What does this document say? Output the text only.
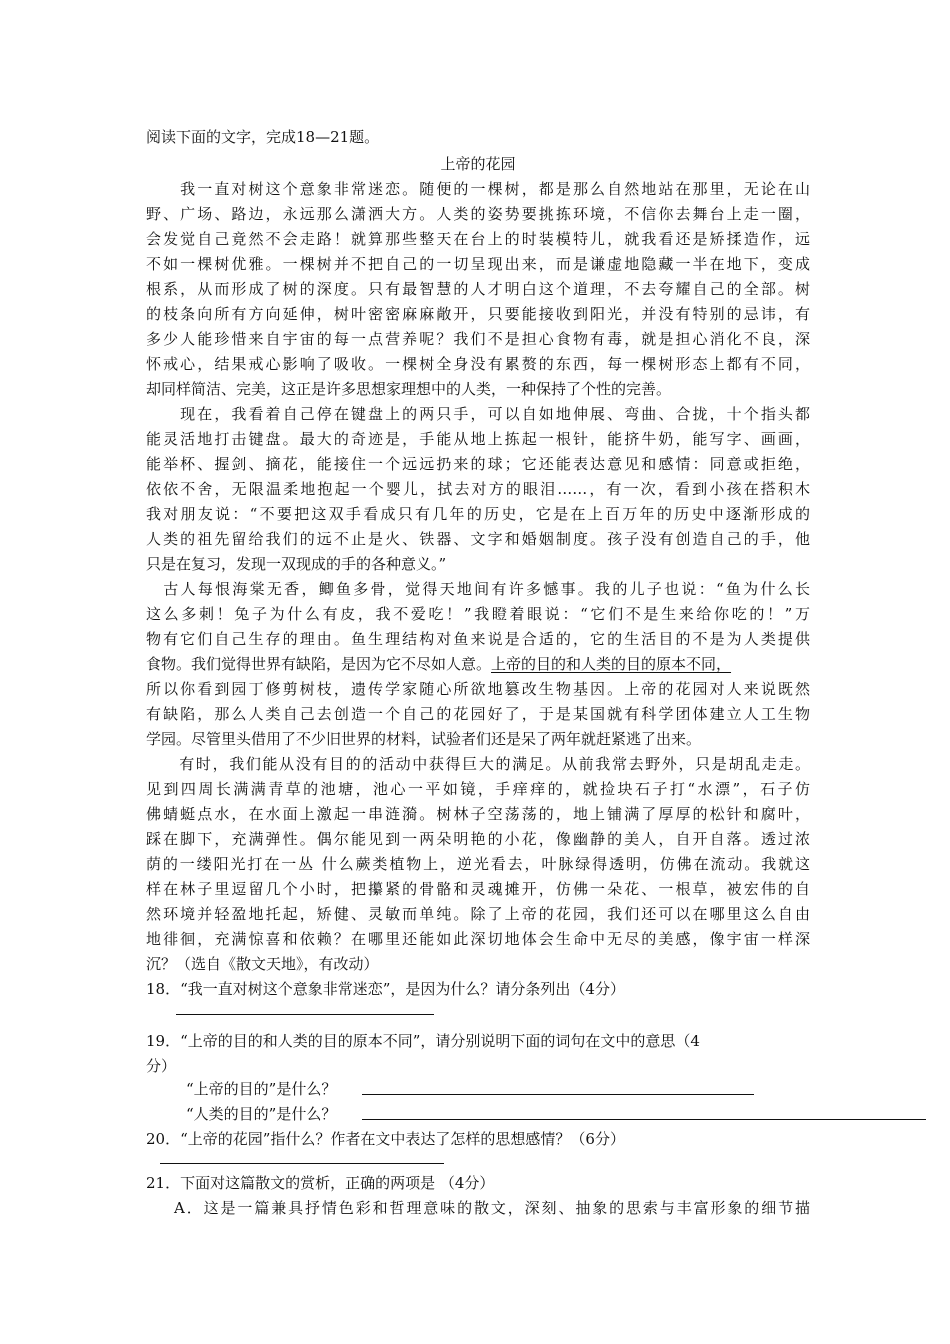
阅读下面的文字，完成18—21题。
上帝的花园
　　我一直对树这个意象非常迷恋。随便的一棵树，都是那么自然地站在那里，无论在山
野、广场、路边，永远那么潇洒大方。人类的姿势要挑拣环境，不信你去舞台上走一圈，
会发觉自己竟然不会走路！就算那些整天在台上的时装模特儿，就我看还是矫揉造作，远
不如一棵树优雅。一棵树并不把自己的一切呈现出来，而是谦虚地隐藏一半在地下，变成
根系，从而形成了树的深度。只有最智慧的人才明白这个道理，不去夸耀自己的全部。树
的枝条向所有方向延伸，树叶密密麻麻敞开，只要能接收到阳光，并没有特别的忌讳，有
多少人能珍惜来自宇宙的每一点营养呢？我们不是担心食物有毒，就是担心消化不良，深
怀戒心，结果戒心影响了吸收。一棵树全身没有累赘的东西，每一棵树形态上都有不同，
却同样简洁、完美，这正是许多思想家理想中的人类，一种保持了个性的完善。
　　现在，我看着自己停在键盘上的两只手，可以自如地伸展、弯曲、合拢，十个指头都
能灵活地打击键盘。最大的奇迹是，手能从地上拣起一根针，能挤牛奶，能写字、画画，
能举杯、握剑、摘花，能接住一个远远扔来的球；它还能表达意见和感情：同意或拒绝，
依依不舍，无限温柔地抱起一个婴儿，拭去对方的眼泪……，有一次，看到小孩在搭积木
我对朋友说：“不要把这双手看成只有几年的历史，它是在上百万年的历史中逐渐形成的
人类的祖先留给我们的远不止是火、铁器、文字和婚姻制度。孩子没有创造自己的手，他
只是在复习，发现一双现成的手的各种意义。”
　古人每恨海棠无香，鲫鱼多骨，觉得天地间有许多憾事。我的儿子也说：“鱼为什么长
这么多刺！兔子为什么有皮，我不爱吃！”我瞪着眼说：“它们不是生来给你吃的！”万
物有它们自己生存的理由。鱼生理结构对鱼来说是合适的，它的生活目的不是为人类提供
食物。我们觉得世界有缺陷，是因为它不尽如人意。上帝的目的和人类的目的原本不同，
所以你看到园丁修剪树枝，遗传学家随心所欲地篡改生物基因。上帝的花园对人来说既然
有缺陷，那么人类自己去创造一个自己的花园好了，于是某国就有科学团体建立人工生物
学园。尽管里头借用了不少旧世界的材料，试验者们还是呆了两年就赶紧逃了出来。
　　有时，我们能从没有目的的活动中获得巨大的满足。从前我常去野外，只是胡乱走走。
见到四周长满满青草的池塘，池心一平如镜，手痒痒的，就捡块石子打“水漂”，石子仿
佛蜻蜓点水，在水面上激起一串涟漪。树林子空荡荡的，地上铺满了厚厚的松针和腐叶，
踩在脚下，充满弹性。偶尔能见到一两朵明艳的小花，像幽静的美人，自开自落。透过浓
荫的一缕阳光打在一丛 什么蕨类植物上，逆光看去，叶脉绿得透明，仿佛在流动。我就这
样在林子里逗留几个小时，把攥紧的骨骼和灵魂摊开，仿佛一朵花、一根草，被宏伟的自
然环境并轻盈地托起，矫健、灵敏而单纯。除了上帝的花园，我们还可以在哪里这么自由
地徘徊，充满惊喜和依赖？在哪里还能如此深切地体会生命中无尽的美感，像宇宙一样深
沉？（选自《散文天地》，有改动）
18．“我一直对树这个意象非常迷恋”，是因为什么？请分条列出（4分）
19．“上帝的目的和人类的目的原本不同”，请分别说明下面的词句在文中的意思（4
分）
“上帝的目的”是什么？
“人类的目的”是什么？
20．“上帝的花园”指什么？作者在文中表达了怎样的思想感情？（6分）
21．下面对这篇散文的赏析，正确的两项是 （4分）
A．这是一篇兼具抒情色彩和哲理意味的散文，深刻、抽象的思索与丰富形象的细节描
